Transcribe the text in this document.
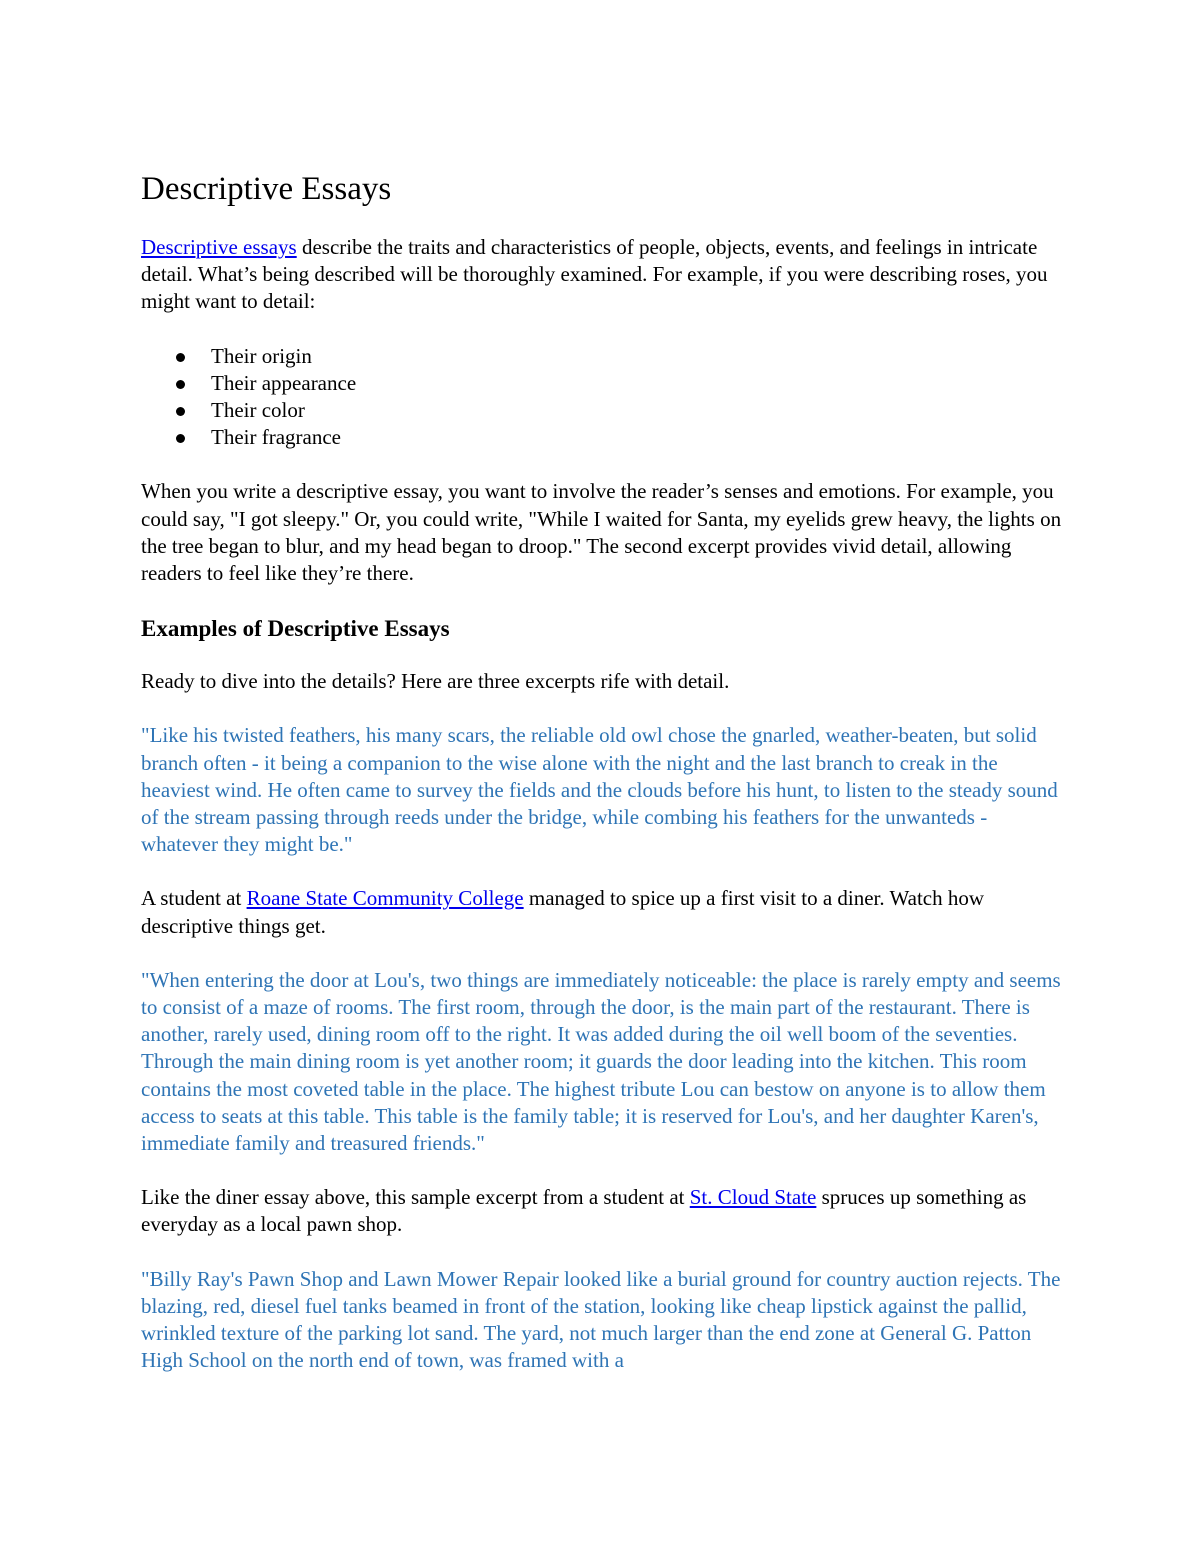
Descriptive Essays

Descriptive essays describe the traits and characteristics of people, objects, events, and feelings in intricate detail. What’s being described will be thoroughly examined. For example, if you were describing roses, you might want to detail:

Their origin
Their appearance
Their color
Their fragrance

When you write a descriptive essay, you want to involve the reader’s senses and emotions. For example, you could say, "I got sleepy." Or, you could write, "While I waited for Santa, my eyelids grew heavy, the lights on the tree began to blur, and my head began to droop." The second excerpt provides vivid detail, allowing readers to feel like they’re there.

Examples of Descriptive Essays

Ready to dive into the details? Here are three excerpts rife with detail.

"Like his twisted feathers, his many scars, the reliable old owl chose the gnarled, weather-beaten, but solid branch often - it being a companion to the wise alone with the night and the last branch to creak in the heaviest wind. He often came to survey the fields and the clouds before his hunt, to listen to the steady sound of the stream passing through reeds under the bridge, while combing his feathers for the unwanteds - whatever they might be."

A student at Roane State Community College managed to spice up a first visit to a diner. Watch how descriptive things get.

"When entering the door at Lou's, two things are immediately noticeable: the place is rarely empty and seems to consist of a maze of rooms. The first room, through the door, is the main part of the restaurant. There is another, rarely used, dining room off to the right. It was added during the oil well boom of the seventies. Through the main dining room is yet another room; it guards the door leading into the kitchen. This room contains the most coveted table in the place. The highest tribute Lou can bestow on anyone is to allow them access to seats at this table. This table is the family table; it is reserved for Lou's, and her daughter Karen's, immediate family and treasured friends."

Like the diner essay above, this sample excerpt from a student at St. Cloud State spruces up something as everyday as a local pawn shop.

"Billy Ray's Pawn Shop and Lawn Mower Repair looked like a burial ground for country auction rejects. The blazing, red, diesel fuel tanks beamed in front of the station, looking like cheap lipstick against the pallid, wrinkled texture of the parking lot sand. The yard, not much larger than the end zone at General G. Patton High School on the north end of town, was framed with a
